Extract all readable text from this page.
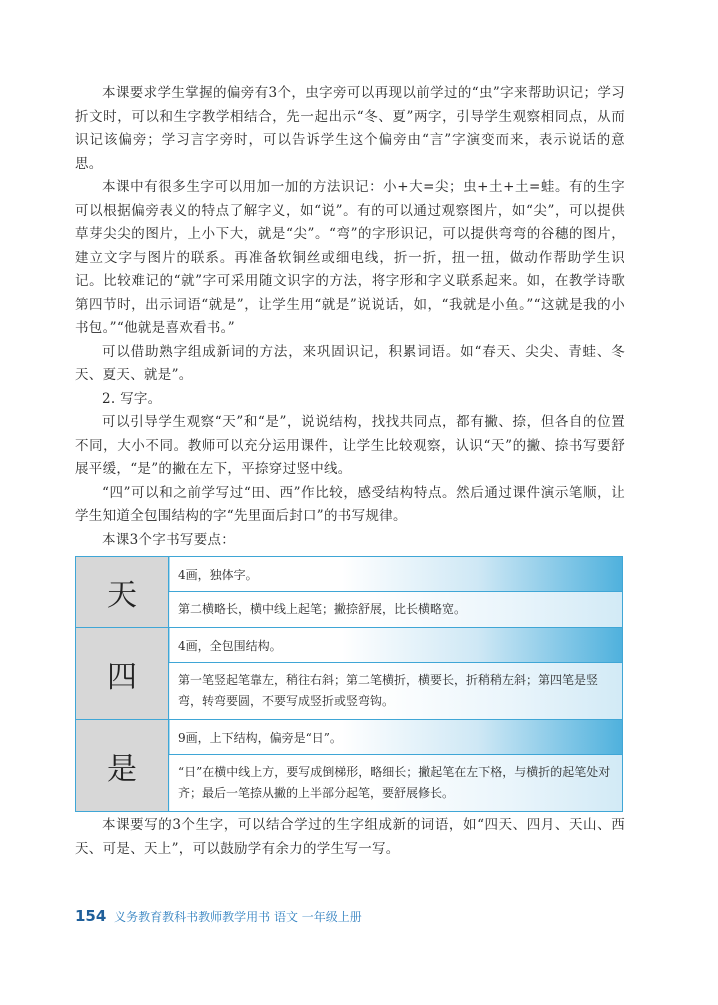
本课要求学生掌握的偏旁有3个，虫字旁可以再现以前学过的“虫”字来帮助识记；学习折文时，可以和生字教学相结合，先一起出示“冬、夏”两字，引导学生观察相同点，从而识记该偏旁；学习言字旁时，可以告诉学生这个偏旁由“言”字演变而来，表示说话的意思。

本课中有很多生字可以用加一加的方法识记：小+大=尖；虫+土+土=蛙。有的生字可以根据偏旁表义的特点了解字义，如“说”。有的可以通过观察图片，如“尖”，可以提供草芽尖尖的图片，上小下大，就是“尖”。“弯”的字形识记，可以提供弯弯的谷穗的图片，建立文字与图片的联系。再准备软铜丝或细电线，折一折，扭一扭，做动作帮助学生识记。比较难记的“就”字可采用随文识字的方法，将字形和字义联系起来。如，在教学诗歌第四节时，出示词语“就是”，让学生用“就是”说说话，如，“我就是小鱼。”“这就是我的小书包。”“他就是喜欢看书。”

可以借助熟字组成新词的方法，来巩固识记，积累词语。如“春天、尖尖、青蛙、冬天、夏天、就是”。

2. 写字。

可以引导学生观察“天”和“是”，说说结构，找找共同点，都有撇、捺，但各自的位置不同，大小不同。教师可以充分运用课件，让学生比较观察，认识“天”的撇、捺书写要舒展平缓，“是”的撇在左下，平捺穿过竖中线。

“四”可以和之前学写过“田、西”作比较，感受结构特点。然后通过课件演示笔顺，让学生知道全包围结构的字“先里面后封口”的书写规律。

本课3个字书写要点：

天	4画，独体字。
	第二横略长，横中线上起笔；撇捺舒展，比长横略宽。
四	4画，全包围结构。
	第一笔竖起笔靠左，稍往右斜；第二笔横折，横要长，折稍稍左斜；第四笔是竖弯，转弯要圆，不要写成竖折或竖弯钩。
是	9画，上下结构，偏旁是“日”。
	“日”在横中线上方，要写成倒梯形，略细长；撇起笔在左下格，与横折的起笔处对齐；最后一笔捺从撇的上半部分起笔，要舒展修长。

本课要写的3个生字，可以结合学过的生字组成新的词语，如“四天、四月、天山、西天、可是、天上”，可以鼓励学有余力的学生写一写。

154 义务教育教科书教师教学用书 语文 一年级上册
